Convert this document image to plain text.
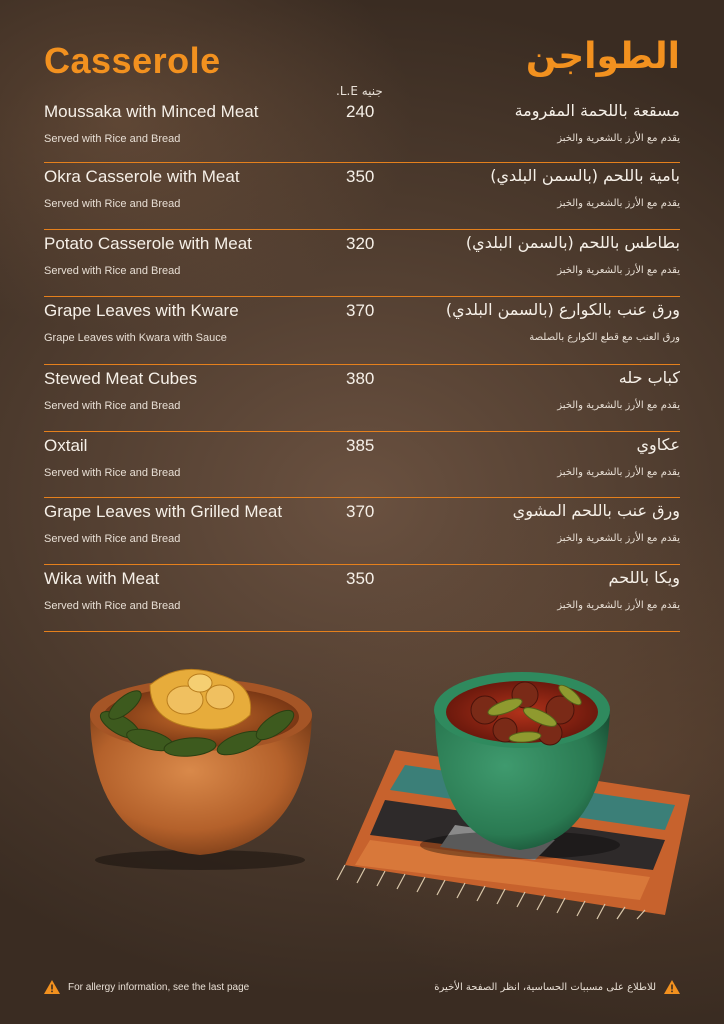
Casserole	الطواجن
جنيه L.E.
Moussaka with Minced Meat	240	مسقعة باللحمة المفرومة
Served with Rice and Bread	يقدم مع الأرز بالشعرية والخبز
Okra Casserole with Meat	350	بامية باللحم (بالسمن البلدي)
Served with Rice and Bread	يقدم مع الأرز بالشعرية والخبز
Potato Casserole with Meat	320	بطاطس باللحم (بالسمن البلدي)
Served with Rice and Bread	يقدم مع الأرز بالشعرية والخبز
Grape Leaves with Kware	370	ورق عنب بالكوارع (بالسمن البلدي)
Grape Leaves with Kwara with Sauce	ورق العنب مع قطع الكوارع بالصلصة
Stewed Meat Cubes	380	كباب حله
Served with Rice and Bread	يقدم مع الأرز بالشعرية والخبز
Oxtail	385	عكاوي
Served with Rice and Bread	يقدم مع الأرز بالشعرية والخبز
Grape Leaves with Grilled Meat	370	ورق عنب باللحم المشوي
Served with Rice and Bread	يقدم مع الأرز بالشعرية والخبز
Wika with Meat	350	ويكا باللحم
Served with Rice and Bread	يقدم مع الأرز بالشعرية والخبز
For allergy information, see the last page	للاطلاع على مسببات الحساسية، انظر الصفحة الأخيرة
